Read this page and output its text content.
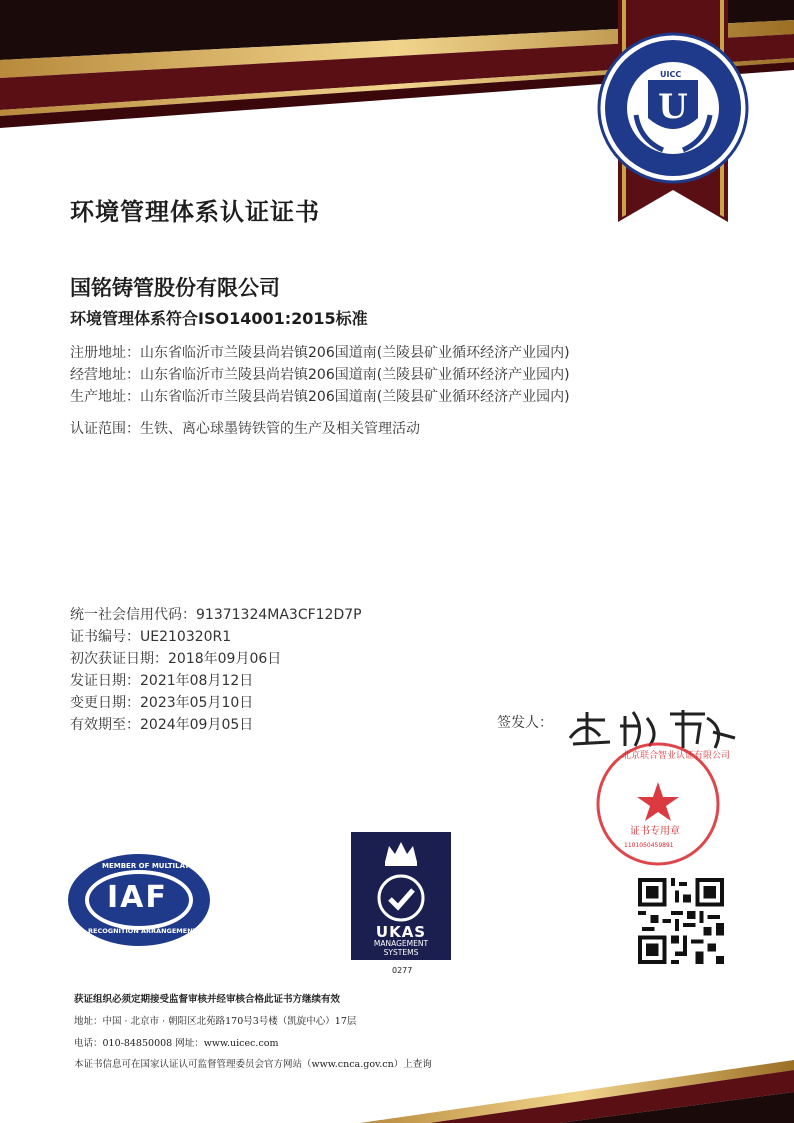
U
UICC
环境管理体系认证证书
国铭铸管股份有限公司
环境管理体系符合ISO14001:2015标准
注册地址：山东省临沂市兰陵县尚岩镇206国道南(兰陵县矿业循环经济产业园内)
经营地址：山东省临沂市兰陵县尚岩镇206国道南(兰陵县矿业循环经济产业园内)
生产地址：山东省临沂市兰陵县尚岩镇206国道南(兰陵县矿业循环经济产业园内)
认证范围：生铁、离心球墨铸铁管的生产及相关管理活动
统一社会信用代码：91371324MA3CF12D7P
证书编号：UE210320R1
初次获证日期：2018年09月06日
发证日期：2021年08月12日
变更日期：2023年05月10日
有效期至：2024年09月05日	签发人：
北京联合智业认证有限公司
证书专用章
1101050459891
MEMBER OF MULTILATERAL
RECOGNITION ARRANGEMENT
IAF
UKAS
MANAGEMENT
SYSTEMS
0277
获证组织必须定期接受监督审核并经审核合格此证书方继续有效
地址：中国 · 北京市 · 朝阳区北苑路170号3号楼（凯旋中心）17层
电话：010-84850008 网址：www.uicec.com
本证书信息可在国家认证认可监督管理委员会官方网站（www.cnca.gov.cn）上查询
